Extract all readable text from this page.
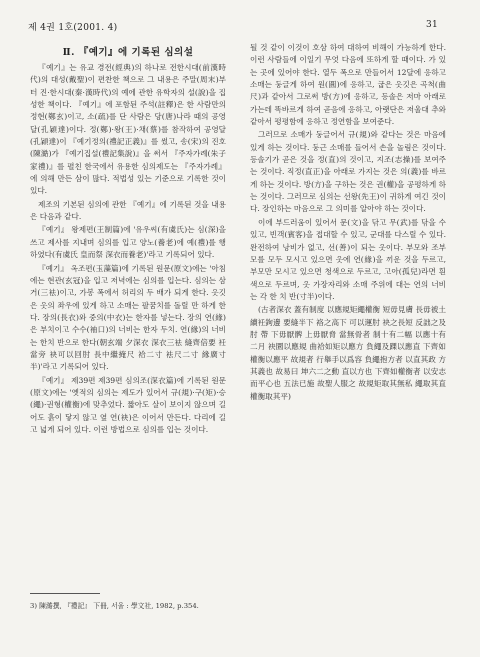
제 4권 1호(2001. 4)	31
Ⅱ. 『예기』에 기록된 심의설

『예기』는 유교 경전(經典)의 하나로 전한시대(前漢時代)의 대성(戴聖)이 편찬한 책으로 그 내용은 주말(周末)부터 진·한시대(秦·漢時代)의 예에 관한 유학자의 설(說)을 집성한 책이다. 『예기』에 포함된 주석(註釋)은 한 사람만의 정현(鄭玄)이고, 소(疏)를 단 사람은 당(唐)나라 때의 공영달(孔穎達)이다. 정(鄭)·왕(王)·채(蔡)를 참작하여 공영달(孔穎達)이 『예기정의(禮記正義)』를 썼고, 송(宋)의 진호(陳澔)가 『예기집설(禮記集說)』을 써서 『주자가례(朱子家禮)』를 펼친 한국에서 유용한 심의제도는 『주자가례』에 의해 만든 삼이 많다. 적법성 있는 기준으로 기록한 것이 있다.

제조의 기본된 심의에 관한 『예기』에 기록된 것을 내용은 다음과 같다.

『예기』 왕제편(王制篇)에 '유우씨(有虞氏)는 심(深)을 쓰고 제사를 지내며 심의를 입고 양노(養老)에 예(禮)를 행하였다(有虞氏 皇而祭 深衣而養老)'라고 기록되어 있다.

『예기』 옥조편(玉藻篇)에 기록된 원문(原文)에는 '아침에는 현관(玄冠)을 입고 저녁에는 심의를 입는다. 심의는 삼거(三袪)이고, 가봉 폭에서 허리의 두 배가 되게 한다. 옷깃은 옷의 좌우에 있게 하고 소매는 팔꿈치를 돌릴 만 하게 한다. 장의(長衣)와 중의(中衣)는 한자를 넣는다. 장의 연(緣)은 부치이고 수수(袖口)의 너비는 한자 두치. 연(緣)의 너비는 한치 반으로 한다(朝玄端 夕深衣 深衣三袪 縫齊倍要 衽當旁 袂可以回肘 長中繼掩尺 袷二寸 袪尺二寸 緣廣寸半)'라고 기록되어 있다.

『예기』 제39편 제39편 심의조(深衣篇)에 기록된 원문(原文)에는 '옛적의 심의는 제도가 있어서 규(規)·구(矩)·승(繩)·권형(權衡)에 맞추었다. 짧아도 살이 보이지 않으며 길어도 흙이 닿지 않고 옆 연(袂)은 이어서 만든다. 다리에 길고 넓게 되어 있다. 이런 방법으로 심의를 입는 것이다.

3) 陳澔撰, 『禮記』 下冊, 서울 : 學文社, 1982, p.354.

될 것 같이 이것이 호삼 하여 대하여 비해이 가능하게 한다. 이런 사람들에 이일기 무엇 다음에 또하게 할 때이다. 가 있는 곳에 있어야 한다. 열두 폭으로 만들어서 12달에 응하고 소매는 둥글게 하여 원(圓)에 응하고, 굽은 옷깃은 곡척(曲尺)과 같아서 그로써 방(方)에 응하고, 등솔은 저마 아래로 가는데 똑바르게 하여 곧음에 응하고, 아랫단은 저울대 추와 같아서 평평함에 응하고 정연함을 보여준다.

그러므로 소매가 둥글어서 규(規)와 같다는 것은 마음에 있게 하는 것이다. 둥근 소매를 들어서 손을 놀림은 것이다. 등솔기가 곧은 것을 정(直)의 것이고, 지조(志操)를 보여주는 것이다. 직정(直正)을 아래로 가지는 것은 의(義)를 바르게 하는 것이다. 방(方)을 구하는 것은 권(權)을 공평하게 하는 것이다. 그러므로 심의는 선왕(先王)이 귀하게 여긴 것이다. 장인하는 마음으로 그 의미를 알아야 하는 것이다.

이에 부드러움이 있어서 문(文)을 닦고 무(武)를 닦을 수 있고, 빈객(賓客)을 접대할 수 있고, 군대를 다스릴 수 있다. 완전하여 낭비가 없고, 선(善)이 되는 옷이다. 부모와 조부모를 모두 모시고 있으면 옷에 연(緣)을 끼운 것을 두르고, 부모만 모시고 있으면 청색으로 두르고, 고아(孤兒)라면 흰색으로 두르며, 옷 가장자리와 소매 주위에 대는 연의 너비는 각 한 치 반(寸半)이다.

(古者深衣 蓋有制度 以應規矩繩權衡 短毋見膚 長毋被土 續衽鉤邊 要縫半下 袼之高下 可以運肘 袂之長短 反詘之及肘 帶 下毋厭髀 上毋厭脅 當無骨者 制十有二幅 以應十有二月 袂圜以應規 曲袷如矩以應方 負繩及踝以應直 下齊如權衡以應平 故規者 行舉手以爲容 負繩抱方者 以直其政 方其義也 故易曰 坤六二之動 直以方也 下齊如權衡者 以安志而平心也 五法已施 故聖人服之 故規矩取其無私 繩取其直 權衡取其平)
